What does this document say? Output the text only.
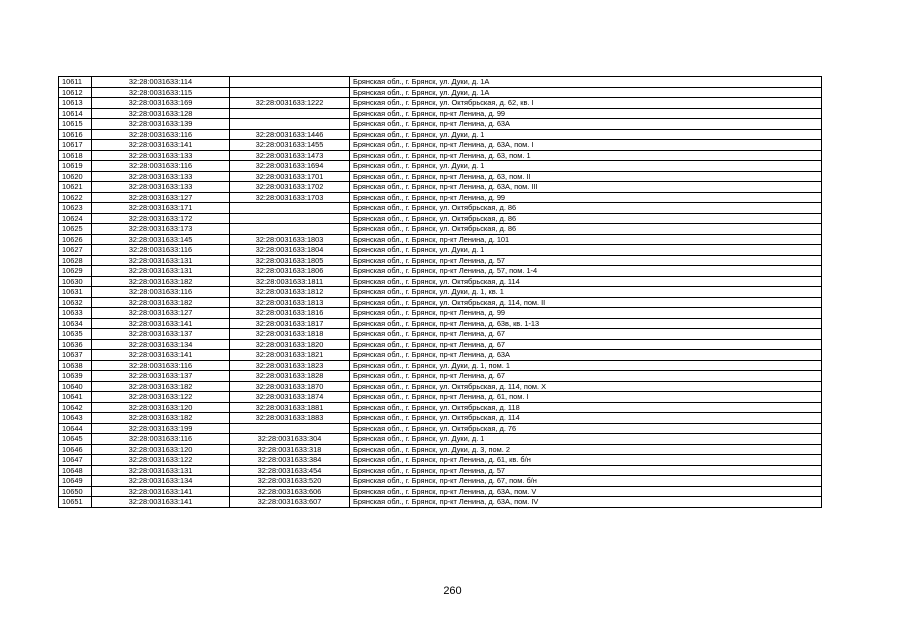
10611	32:28:0031633:114		Брянская обл., г. Брянск, ул. Дуки, д. 1А
10612	32:28:0031633:115		Брянская обл., г. Брянск, ул. Дуки, д. 1А
10613	32:28:0031633:169	32:28:0031633:1222	Брянская обл., г. Брянск, ул. Октябрьская, д. 62, кв. I
10614	32:28:0031633:128		Брянская обл., г. Брянск, пр-кт Ленина, д. 99
10615	32:28:0031633:139		Брянская обл., г. Брянск, пр-кт Ленина, д. 63А
10616	32:28:0031633:116	32:28:0031633:1446	Брянская обл., г. Брянск, ул. Дуки, д. 1
10617	32:28:0031633:141	32:28:0031633:1455	Брянская обл., г. Брянск, пр-кт Ленина, д. 63А, пом. I
10618	32:28:0031633:133	32:28:0031633:1473	Брянская обл., г. Брянск, пр-кт Ленина, д. 63, пом. 1
10619	32:28:0031633:116	32:28:0031633:1694	Брянская обл., г. Брянск, ул. Дуки, д. 1
10620	32:28:0031633:133	32:28:0031633:1701	Брянская обл., г. Брянск, пр-кт Ленина, д. 63, пом. II
10621	32:28:0031633:133	32:28:0031633:1702	Брянская обл., г. Брянск, пр-кт Ленина, д. 63А, пом. III
10622	32:28:0031633:127	32:28:0031633:1703	Брянская обл., г. Брянск, пр-кт Ленина, д. 99
10623	32:28:0031633:171		Брянская обл., г. Брянск, ул. Октябрьская, д. 86
10624	32:28:0031633:172		Брянская обл., г. Брянск, ул. Октябрьская, д. 86
10625	32:28:0031633:173		Брянская обл., г. Брянск, ул. Октябрьская, д. 86
10626	32:28:0031633:145	32:28:0031633:1803	Брянская обл., г. Брянск, пр-кт Ленина, д. 101
10627	32:28:0031633:116	32:28:0031633:1804	Брянская обл., г. Брянск, ул. Дуки, д. 1
10628	32:28:0031633:131	32:28:0031633:1805	Брянская обл., г. Брянск, пр-кт Ленина, д. 57
10629	32:28:0031633:131	32:28:0031633:1806	Брянская обл., г. Брянск, пр-кт Ленина, д. 57, пом. 1-4
10630	32:28:0031633:182	32:28:0031633:1811	Брянская обл., г. Брянск, ул. Октябрьская, д. 114
10631	32:28:0031633:116	32:28:0031633:1812	Брянская обл., г. Брянск, ул. Дуки, д. 1, кв. 1
10632	32:28:0031633:182	32:28:0031633:1813	Брянская обл., г. Брянск, ул. Октябрьская, д. 114, пом. II
10633	32:28:0031633:127	32:28:0031633:1816	Брянская обл., г. Брянск, пр-кт Ленина, д. 99
10634	32:28:0031633:141	32:28:0031633:1817	Брянская обл., г. Брянск, пр-кт Ленина, д. 63в, кв. 1-13
10635	32:28:0031633:137	32:28:0031633:1818	Брянская обл., г. Брянск, пр-кт Ленина, д. 67
10636	32:28:0031633:134	32:28:0031633:1820	Брянская обл., г. Брянск, пр-кт Ленина, д. 67
10637	32:28:0031633:141	32:28:0031633:1821	Брянская обл., г. Брянск, пр-кт Ленина, д. 63А
10638	32:28:0031633:116	32:28:0031633:1823	Брянская обл., г. Брянск, ул. Дуки, д. 1, пом. 1
10639	32:28:0031633:137	32:28:0031633:1828	Брянская обл., г. Брянск, пр-кт Ленина, д. 67
10640	32:28:0031633:182	32:28:0031633:1870	Брянская обл., г. Брянск, ул. Октябрьская, д. 114, пом. X
10641	32:28:0031633:122	32:28:0031633:1874	Брянская обл., г. Брянск, пр-кт Ленина, д. 61, пом. I
10642	32:28:0031633:120	32:28:0031633:1881	Брянская обл., г. Брянск, ул. Октябрьская, д. 118
10643	32:28:0031633:182	32:28:0031633:1883	Брянская обл., г. Брянск, ул. Октябрьская, д. 114
10644	32:28:0031633:199		Брянская обл., г. Брянск, ул. Октябрьская, д. 76
10645	32:28:0031633:116	32:28:0031633:304	Брянская обл., г. Брянск, ул. Дуки, д. 1
10646	32:28:0031633:120	32:28:0031633:318	Брянская обл., г. Брянск, ул. Дуки, д. 3, пом. 2
10647	32:28:0031633:122	32:28:0031633:384	Брянская обл., г. Брянск, пр-кт Ленина, д. 61, кв. б/н
10648	32:28:0031633:131	32:28:0031633:454	Брянская обл., г. Брянск, пр-кт Ленина, д. 57
10649	32:28:0031633:134	32:28:0031633:520	Брянская обл., г. Брянск, пр-кт Ленина, д. 67, пом. б/н
10650	32:28:0031633:141	32:28:0031633:606	Брянская обл., г. Брянск, пр-кт Ленина, д. 63А, пом. V
10651	32:28:0031633:141	32:28:0031633:607	Брянская обл., г. Брянск, пр-кт Ленина, д. 63А, пом. IV
260
